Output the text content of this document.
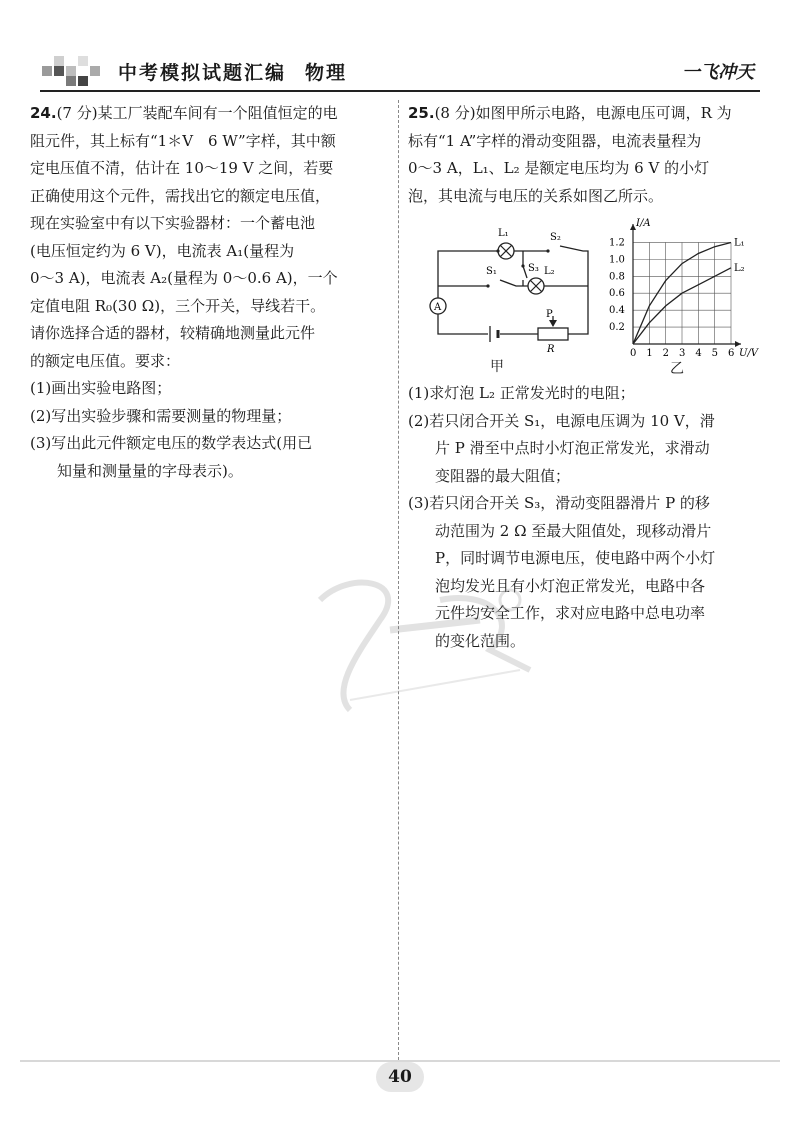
中考模拟试题汇编 物理	一飞冲天

24.(7 分)某工厂装配车间有一个阻值恒定的电

阻元件，其上标有“1＊V　6 W”字样，其中额

定电压值不清，估计在 10～19 V 之间，若要

正确使用这个元件，需找出它的额定电压值，

现在实验室中有以下实验器材：一个蓄电池

(电压恒定约为 6 V)，电流表 A₁(量程为

0～3 A)，电流表 A₂(量程为 0～0.6 A)，一个

定值电阻 R₀(30 Ω)，三个开关，导线若干。

请你选择合适的器材，较精确地测量此元件

的额定电压值。要求：

(1)画出实验电路图；

(2)写出实验步骤和需要测量的物理量；

(3)写出此元件额定电压的数学表达式(用已

知量和测量量的字母表示)。

25.(8 分)如图甲所示电路，电源电压可调，R 为

标有“1 A”字样的滑动变阻器，电流表量程为

0～3 A，L₁、L₂ 是额定电压均为 6 V 的小灯

泡，其电流与电压的关系如图乙所示。

L₁	S₂
S₁	S₃ L₂
A
P
R
甲
0 1 2 3 4 5 6
0.2
0.4
0.6
0.8
1.0
1.2
U/V
I/A
L₁
L₂
乙

(1)求灯泡 L₂ 正常发光时的电阻；

(2)若只闭合开关 S₁，电源电压调为 10 V，滑

片 P 滑至中点时小灯泡正常发光，求滑动

变阻器的最大阻值；

(3)若只闭合开关 S₃，滑动变阻器滑片 P 的移

动范围为 2 Ω 至最大阻值处，现移动滑片

P，同时调节电源电压，使电路中两个小灯

泡均发光且有小灯泡正常发光，电路中各

元件均安全工作，求对应电路中总电功率

的变化范围。

40
